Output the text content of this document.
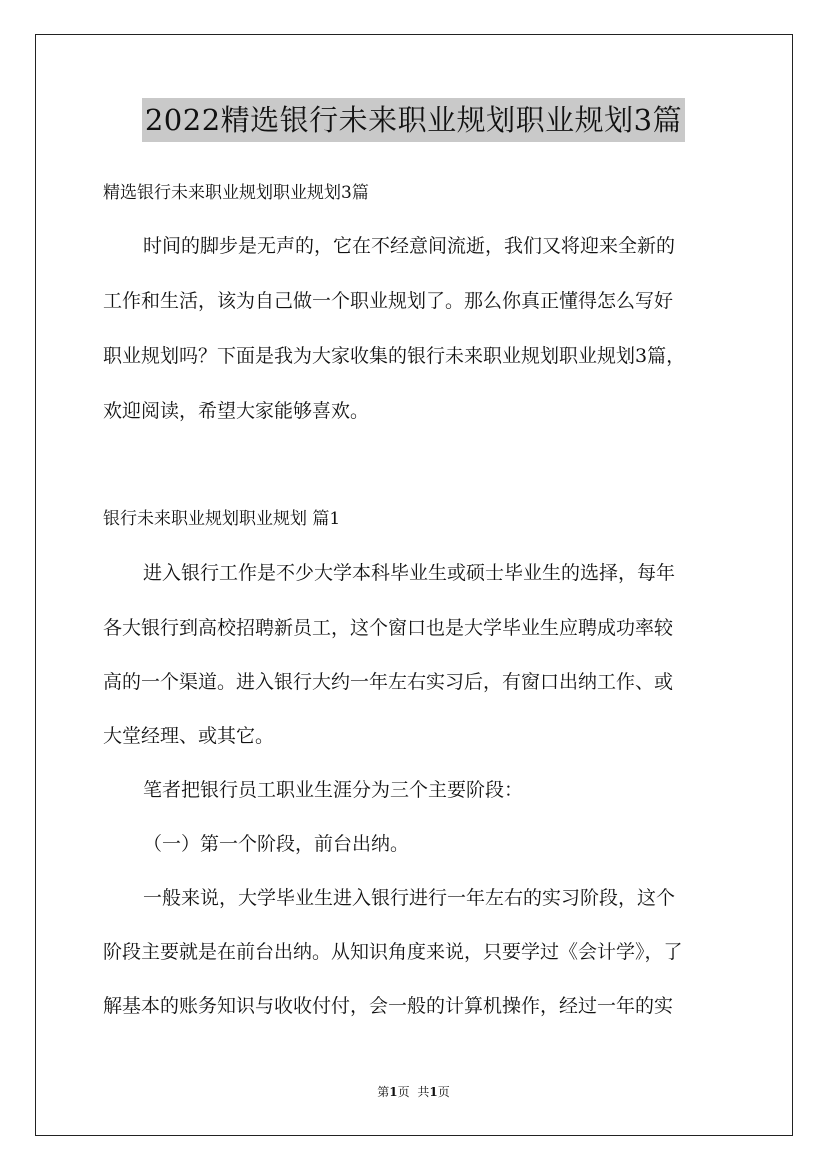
2022精选银行未来职业规划职业规划3篇
精选银行未来职业规划职业规划3篇
时间的脚步是无声的，它在不经意间流逝，我们又将迎来全新的
工作和生活，该为自己做一个职业规划了。那么你真正懂得怎么写好
职业规划吗？下面是我为大家收集的银行未来职业规划职业规划3篇，
欢迎阅读，希望大家能够喜欢。
银行未来职业规划职业规划 篇1
进入银行工作是不少大学本科毕业生或硕士毕业生的选择，每年
各大银行到高校招聘新员工，这个窗口也是大学毕业生应聘成功率较
高的一个渠道。进入银行大约一年左右实习后，有窗口出纳工作、或
大堂经理、或其它。
笔者把银行员工职业生涯分为三个主要阶段：
（一）第一个阶段，前台出纳。
一般来说，大学毕业生进入银行进行一年左右的实习阶段，这个
阶段主要就是在前台出纳。从知识角度来说，只要学过《会计学》，了
解基本的账务知识与收收付付，会一般的计算机操作，经过一年的实
第1页 共1页
